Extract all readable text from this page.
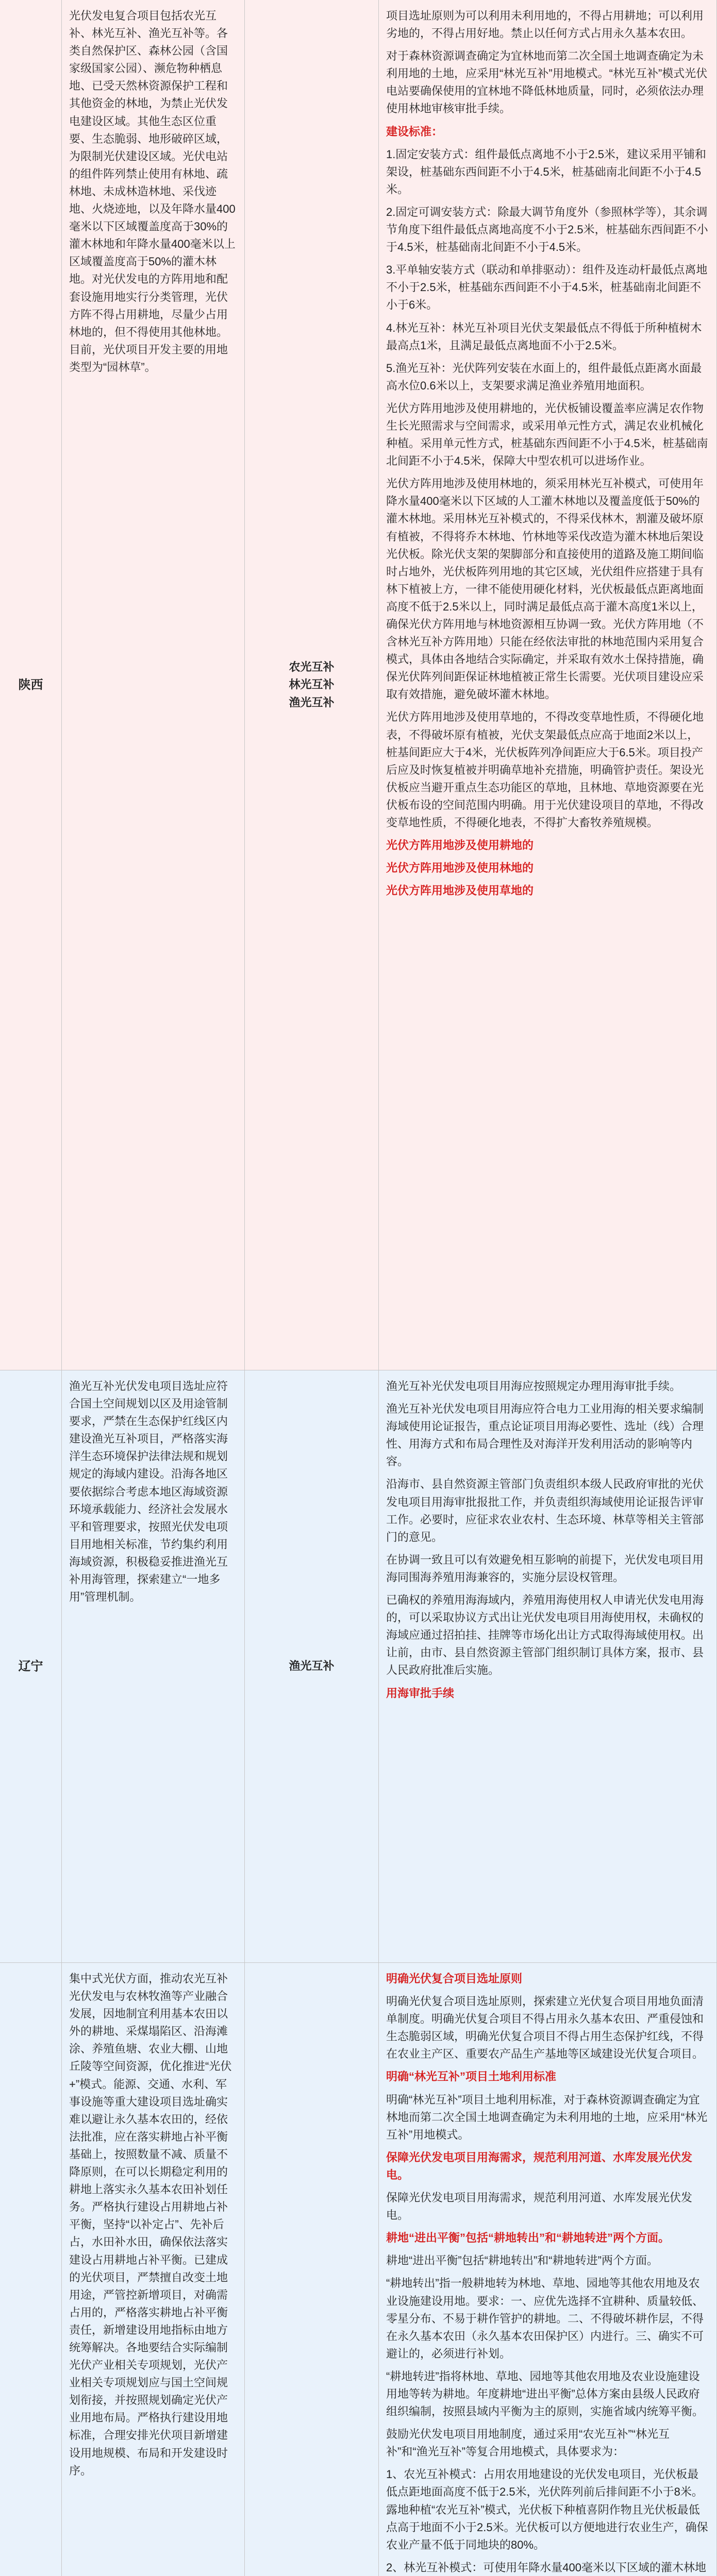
陕西

光伏发电复合项目包括农光互补、林光互补、渔光互补等。各类自然保护区、森林公园（含国家级国家公园）、濒危物种栖息地、已受天然林资源保护工程和其他资金的林地，为禁止光伏发电建设区域。其他生态区位重要、生态脆弱、地形破碎区域，为限制光伏建设区域。光伏电站的组件阵列禁止使用有林地、疏林地、未成林造林地、采伐迹地、火烧迹地，以及年降水量400毫米以下区域覆盖度高于30%的灌木林地和年降水量400毫米以上区域覆盖度高于50%的灌木林地。对光伏发电的方阵用地和配套设施用地实行分类管理，光伏方阵不得占用耕地，尽量少占用林地的，但不得使用其他林地。目前，光伏项目开发主要的用地类型为“园林草”。

农光互补
林光互补
渔光互补

项目选址原则为可以利用未利用地的，不得占用耕地；可以利用劣地的，不得占用好地。禁止以任何方式占用永久基本农田。

对于森林资源调查确定为宜林地而第二次全国土地调查确定为未利用地的土地，应采用“林光互补”用地模式。“林光互补”模式光伏电站要确保使用的宜林地不降低林地质量，同时，必须依法办理使用林地审核审批手续。

建设标准：

1.固定安装方式：组件最低点离地不小于2.5米，建议采用平铺和架设，桩基础东西间距不小于4.5米，桩基础南北间距不小于4.5米。

2.固定可调安装方式：除最大调节角度外（参照林学等），其余调节角度下组件最低点离地高度不小于2.5米，桩基础东西间距不小于4.5米，桩基础南北间距不小于4.5米。

3.平单轴安装方式（联动和单排驱动）：组件及连动杆最低点离地不小于2.5米，桩基础东西间距不小于4.5米，桩基础南北间距不小于6米。

4.林光互补：林光互补项目光伏支架最低点不得低于所种植树木最高点1米，且满足最低点离地面不小于2.5米。

5.渔光互补：光伏阵列安装在水面上的，组件最低点距离水面最高水位0.6米以上，支架要求满足渔业养殖用地面积。

光伏方阵用地涉及使用耕地的，光伏板铺设覆盖率应满足农作物生长光照需求与空间需求，或采用单元性方式，满足农业机械化种植。采用单元性方式，桩基础东西间距不小于4.5米，桩基础南北间距不小于4.5米，保障大中型农机可以进场作业。

光伏方阵用地涉及使用林地的，须采用林光互补模式，可使用年降水量400毫米以下区域的人工灌木林地以及覆盖度低于50%的灌木林地。采用林光互补模式的，不得采伐林木，割灌及破坏原有植被，不得将乔木林地、竹林地等采伐改造为灌木林地后架设光伏板。除光伏支架的架脚部分和直接使用的道路及施工期间临时占地外，光伏板阵列用地的其它区域，光伏组件应搭建于具有林下植被上方，一律不能使用硬化材料，光伏板最低点距离地面高度不低于2.5米以上，同时满足最低点高于灌木高度1米以上，确保光伏方阵用地与林地资源相互协调一致。光伏方阵用地（不含林光互补方阵用地）只能在经依法审批的林地范围内采用复合模式，具体由各地结合实际确定，并采取有效水土保持措施，确保光伏阵列间距保证林地植被正常生长需要。光伏项目建设应采取有效措施，避免破坏灌木林地。

光伏方阵用地涉及使用草地的，不得改变草地性质，不得硬化地表，不得破坏原有植被，光伏支架最低点应高于地面2米以上，桩基间距应大于4米，光伏板阵列净间距应大于6.5米。项目投产后应及时恢复植被并明确草地补充措施，明确管护责任。架设光伏板应当避开重点生态功能区的草地，且林地、草地资源要在光伏板布设的空间范围内明确。用于光伏建设项目的草地，不得改变草地性质，不得硬化地表，不得扩大畜牧养殖规模。

光伏方阵用地涉及使用耕地的

光伏方阵用地涉及使用林地的

光伏方阵用地涉及使用草地的

辽宁

渔光互补光伏发电项目选址应符合国土空间规划以区及用途管制要求，严禁在生态保护红线区内建设渔光互补项目，严格落实海洋生态环境保护法律法规和规划规定的海域内建设。沿海各地区要依据综合考虑本地区海域资源环境承载能力、经济社会发展水平和管理要求，按照光伏发电项目用地相关标准，节约集约利用海域资源，积极稳妥推进渔光互补用海管理，探索建立“一地多用”管理机制。

渔光互补

渔光互补光伏发电项目用海应按照规定办理用海审批手续。

渔光互补光伏发电项目用海应符合电力工业用海的相关要求编制海域使用论证报告，重点论证项目用海必要性、选址（线）合理性、用海方式和布局合理性及对海洋开发利用活动的影响等内容。

沿海市、县自然资源主管部门负责组织本级人民政府审批的光伏发电项目用海审批报批工作，并负责组织海域使用论证报告评审工作。必要时，应征求农业农村、生态环境、林草等相关主管部门的意见。

在协调一致且可以有效避免相互影响的前提下，光伏发电项目用海同围海养殖用海兼容的，实施分层设权管理。

已确权的养殖用海海域内，养殖用海使用权人申请光伏发电用海的，可以采取协议方式出让光伏发电项目用海使用权，未确权的海域应通过招拍挂、挂牌等市场化出让方式取得海域使用权。出让前，由市、县自然资源主管部门组织制订具体方案，报市、县人民政府批准后实施。

用海审批手续

集中式光伏方面，推动农光互补光伏发电与农林牧渔等产业融合发展，因地制宜利用基本农田以外的耕地、采煤塌陷区、沿海滩涂、养殖鱼塘、农业大棚、山地丘陵等空间资源，优化推进“光伏+”模式。能源、交通、水利、军事设施等重大建设项目选址确实难以避让永久基本农田的，经依法批准，应在落实耕地占补平衡基础上，按照数量不减、质量不降原则，在可以长期稳定利用的耕地上落实永久基本农田补划任务。严格执行建设占用耕地占补平衡，坚持“以补定占”、先补后占，水田补水田，确保依法落实建设占用耕地占补平衡。已建成的光伏项目，严禁擅自改变土地用途，严管控新增项目，对确需占用的，严格落实耕地占补平衡责任，新增建设用地指标由地方统筹解决。各地要结合实际编制光伏产业相关专项规划，光伏产业相关专项规划应与国土空间规划衔接，并按照规划确定光伏产业用地布局。严格执行建设用地标准，合理安排光伏项目新增建设用地规模、布局和开发建设时序。

明确光伏复合项目选址原则

明确光伏复合项目选址原则，探索建立光伏复合项目用地负面清单制度。明确光伏复合项目不得占用永久基本农田、严重侵蚀和生态脆弱区域，明确光伏复合项目不得占用生态保护红线，不得在农业主产区、重要农产品生产基地等区域建设光伏复合项目。

明确“林光互补”项目土地利用标准

明确“林光互补”项目土地利用标准，对于森林资源调查确定为宜林地而第二次全国土地调查确定为未利用地的土地，应采用“林光互补”用地模式。

保障光伏发电项目用海需求，规范利用河道、水库发展光伏发电。

保障光伏发电项目用海需求，规范利用河道、水库发展光伏发电。

耕地“进出平衡”包括“耕地转出”和“耕地转进”两个方面。

耕地“进出平衡”包括“耕地转出”和“耕地转进”两个方面。

“耕地转出”指一般耕地转为林地、草地、园地等其他农用地及农业设施建设用地。要求：一、应优先选择不宜耕种、质量较低、零星分布、不易于耕作管护的耕地。二、不得破坏耕作层，不得在永久基本农田（永久基本农田保护区）内进行。三、确实不可避让的，必须进行补划。

“耕地转进”指将林地、草地、园地等其他农用地及农业设施建设用地等转为耕地。年度耕地“进出平衡”总体方案由县级人民政府组织编制，按照县域内平衡为主的原则，实施省域内统筹平衡。

鼓励光伏发电项目用地制度，通过采用“农光互补”“林光互补”和“渔光互补”等复合用地模式，具体要求为：

1、农光互补模式：占用农用地建设的光伏发电项目，光伏板最低点距地面高度不低于2.5米，光伏阵列前后排间距不小于8米。露地种植“农光互补”模式，光伏板下种植喜阴作物且光伏板最低点高于地面不小于2.5米。光伏板可以方便地进行农业生产，确保农业产量不低于同地块的80%。

2、林光互补模式：可使用年降水量400毫米以下区域的灌木林地
